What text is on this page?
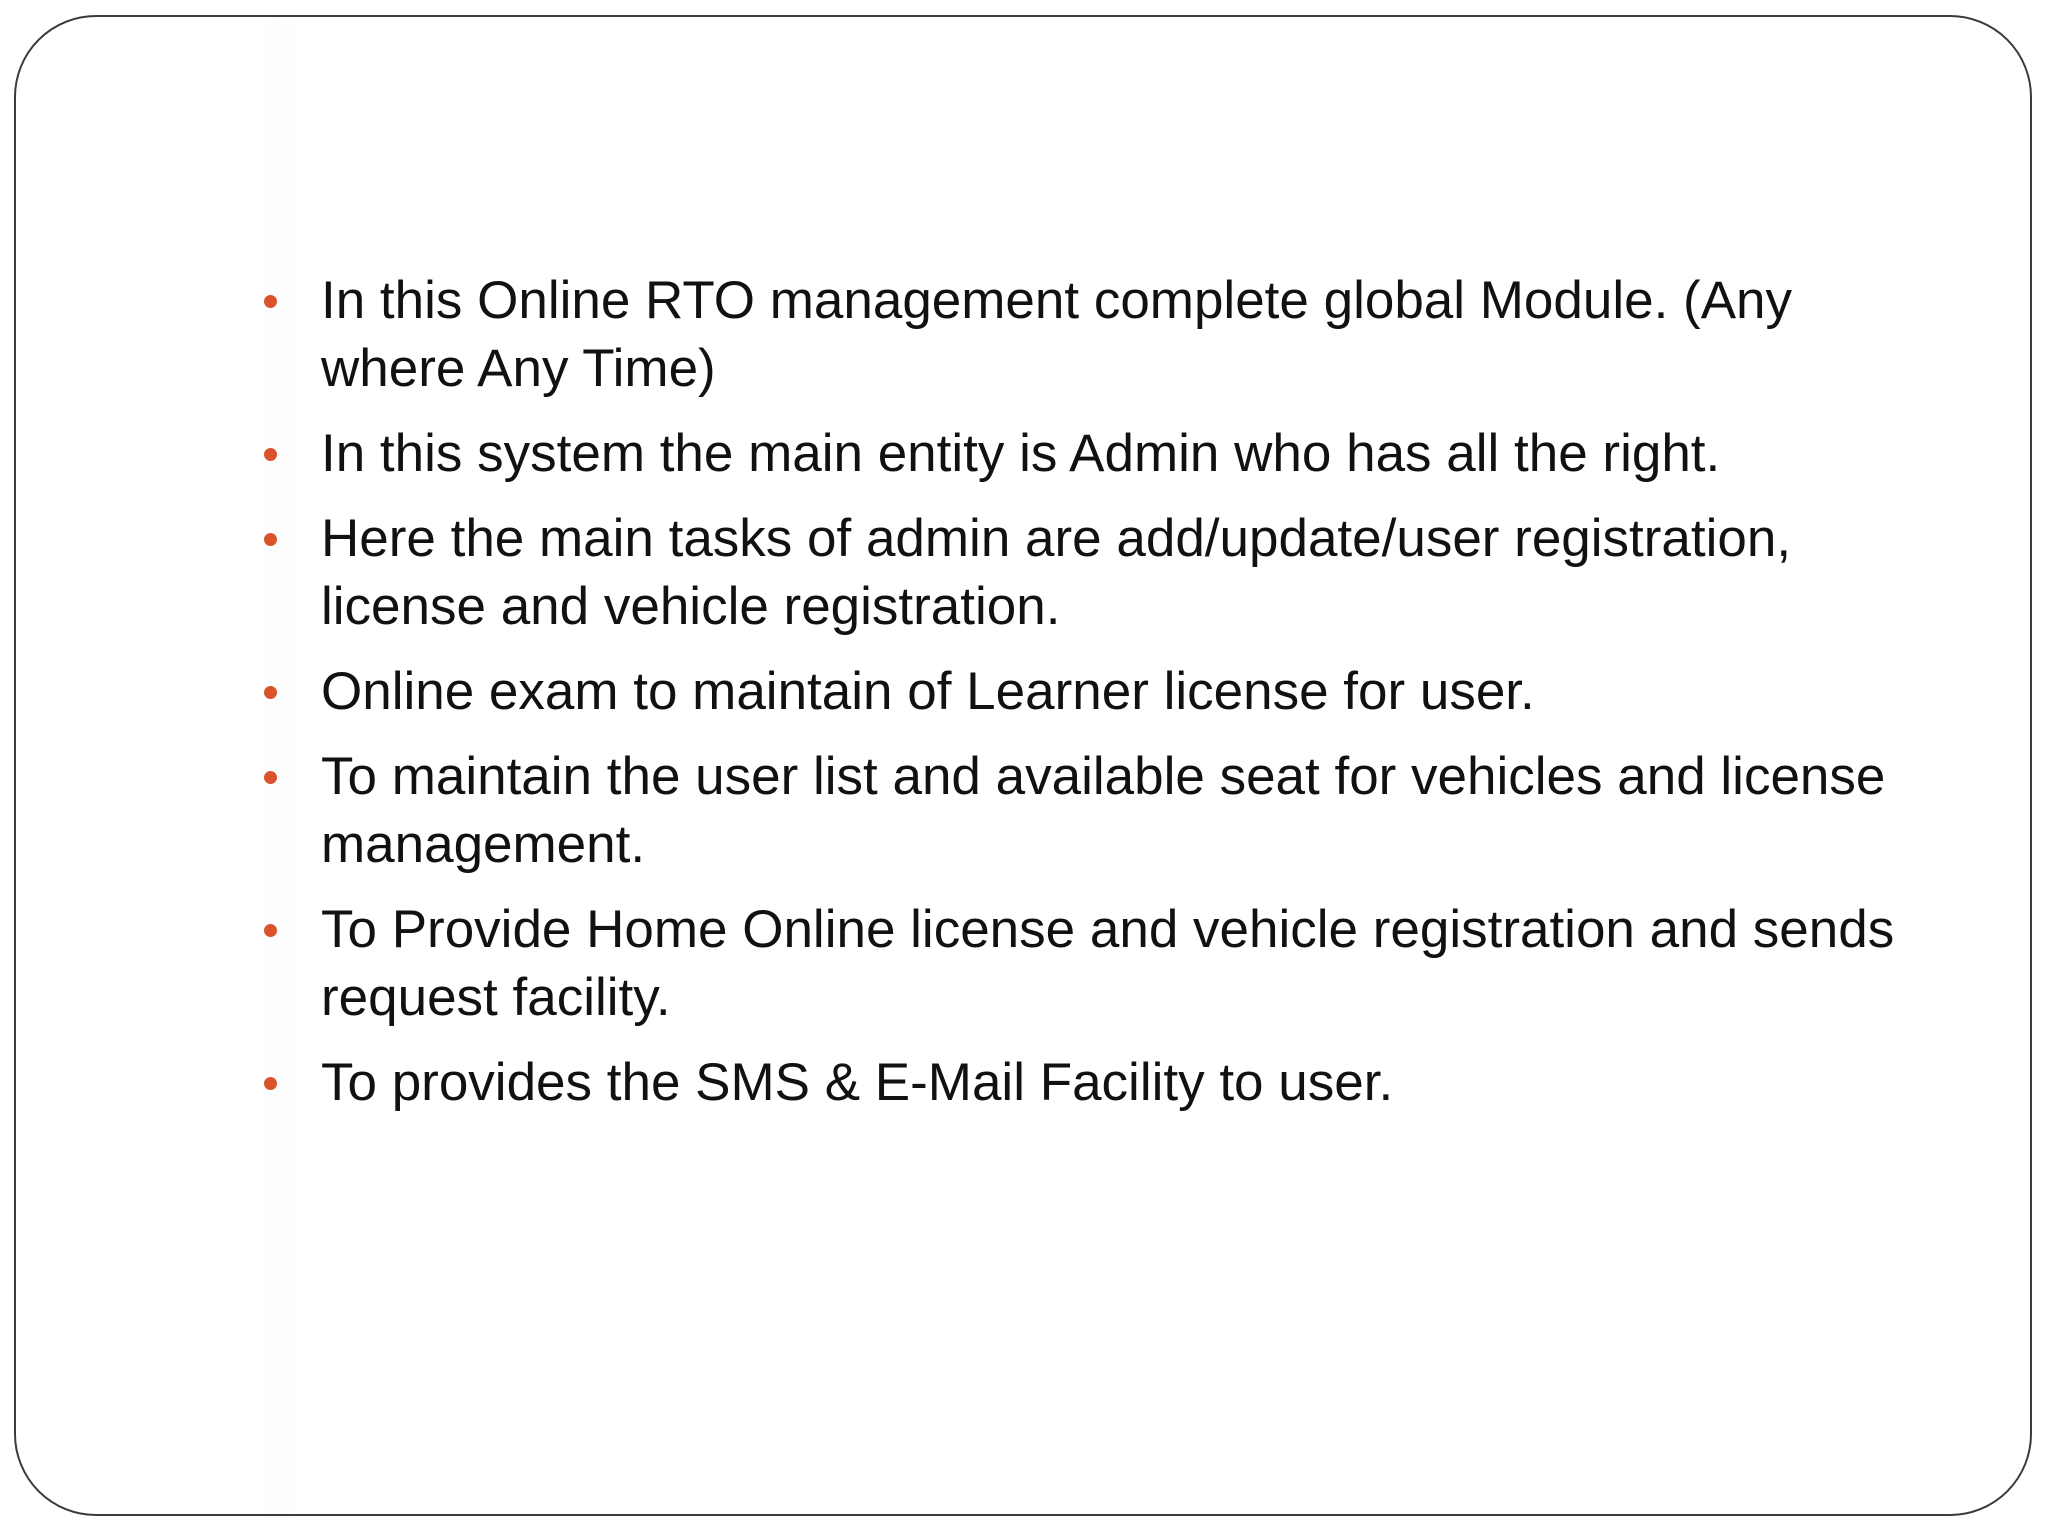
In this Online RTO management complete global Module. (Any where Any Time)
In this system the main entity is Admin who has all the right.
Here the main tasks of admin are add/update/user registration, license and vehicle registration.
Online exam to maintain of Learner license for user.
To maintain the user list and available seat for vehicles and license management.
To Provide Home Online license and vehicle registration and sends request facility.
To provides the SMS & E-Mail Facility to user.
